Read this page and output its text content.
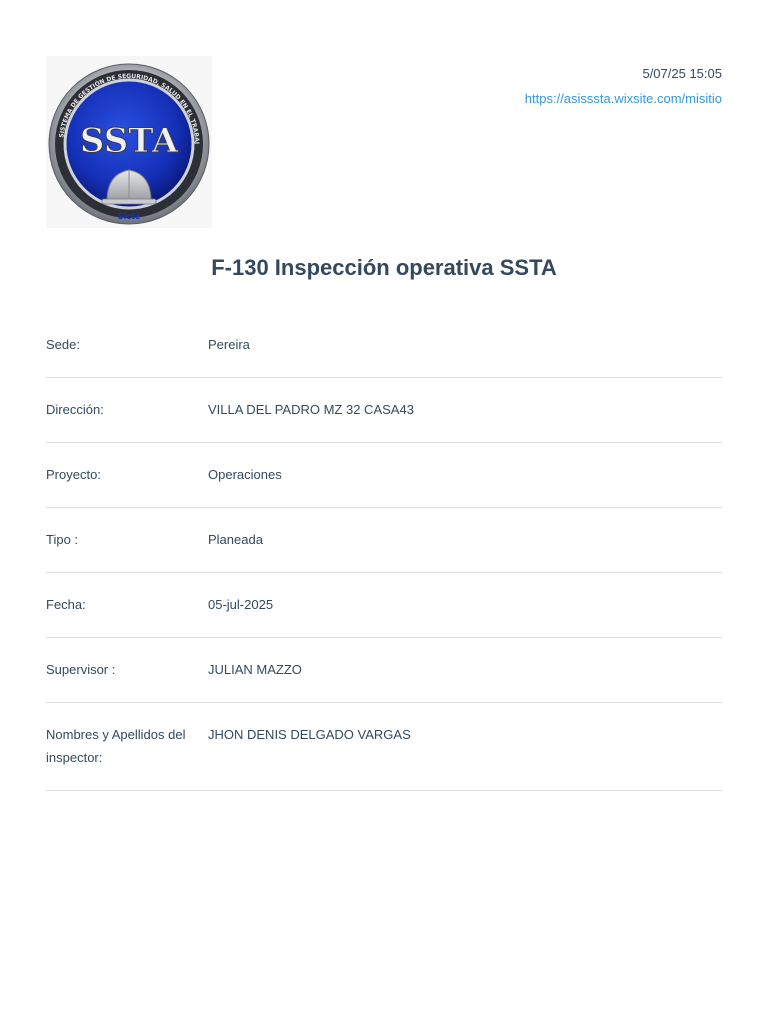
SISTEMA DE GESTIÓN DE SEGURIDAD, SALUD EN EL TRABAJ
SSTA
Sicte
5/07/25 15:05
https://asisssta.wixsite.com/misitio
F-130 Inspección operativa SSTA
Sede:	Pereira
Dirección:	VILLA DEL PADRO MZ 32 CASA43
Proyecto:	Operaciones
Tipo :	Planeada
Fecha:	05-jul-2025
Supervisor :	JULIAN MAZZO
Nombres y Apellidos del inspector:
JHON DENIS DELGADO VARGAS
